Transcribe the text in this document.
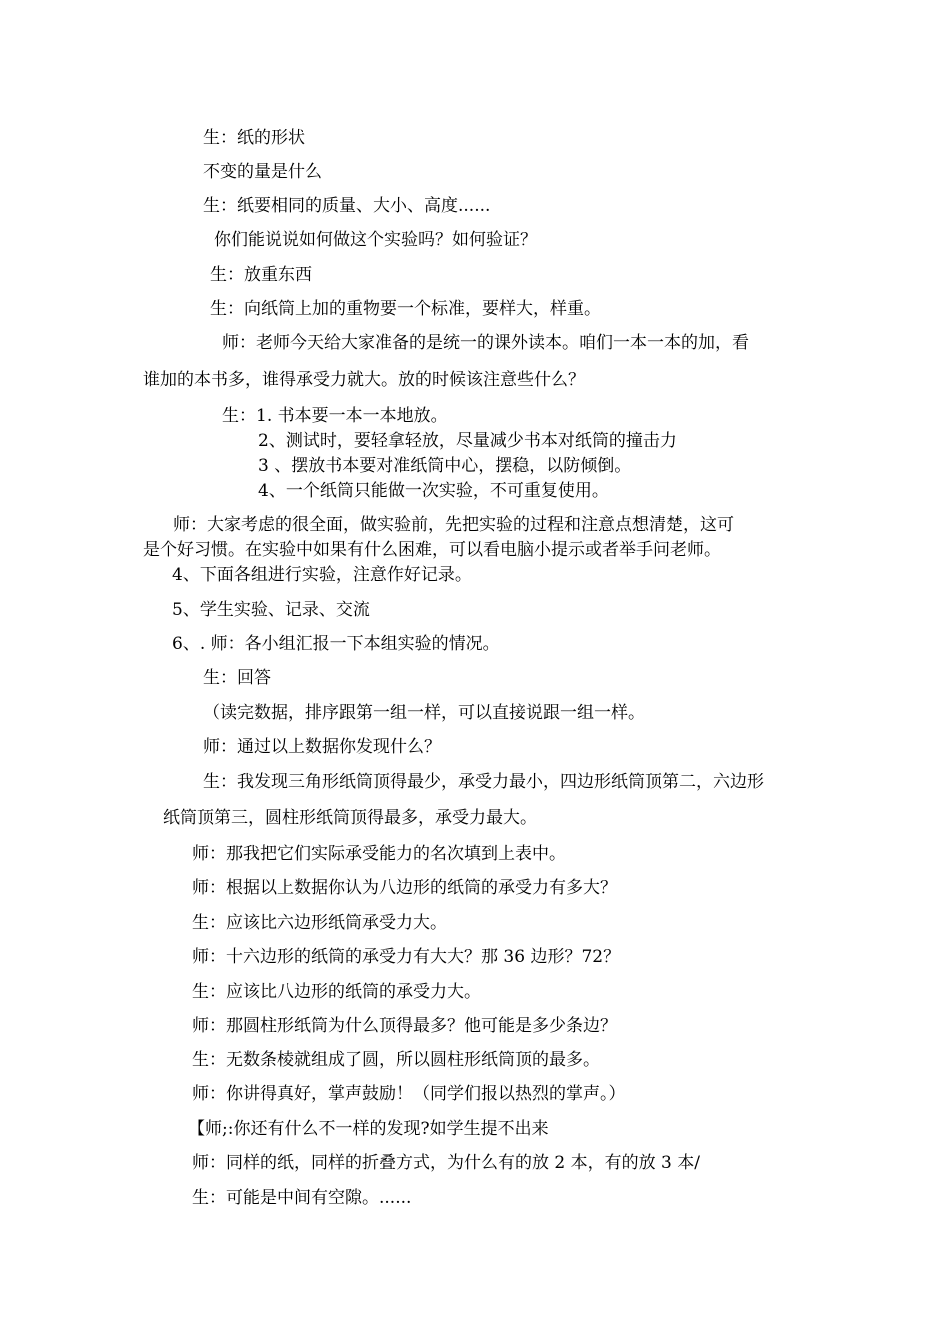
生：纸的形状
不变的量是什么
生：纸要相同的质量、大小、高度......
你们能说说如何做这个实验吗？如何验证？
生：放重东西
生：向纸筒上加的重物要一个标准，要样大，样重。
师：老师今天给大家准备的是统一的课外读本。咱们一本一本的加，看
谁加的本书多，谁得承受力就大。放的时候该注意些什么？
生：1. 书本要一本一本地放。
2、测试时，要轻拿轻放，尽量减少书本对纸筒的撞击力
3 、摆放书本要对准纸筒中心，摆稳，以防倾倒。
4、一个纸筒只能做一次实验，不可重复使用。
师：大家考虑的很全面，做实验前，先把实验的过程和注意点想清楚，这可
是个好习惯。在实验中如果有什么困难，可以看电脑小提示或者举手问老师。
4、下面各组进行实验，注意作好记录。
5、学生实验、记录、交流
6、. 师：各小组汇报一下本组实验的情况。
生：回答
（读完数据，排序跟第一组一样，可以直接说跟一组一样。
师：通过以上数据你发现什么？
生：我发现三角形纸筒顶得最少，承受力最小，四边形纸筒顶第二，六边形
纸筒顶第三，圆柱形纸筒顶得最多，承受力最大。
师：那我把它们实际承受能力的名次填到上表中。
师：根据以上数据你认为八边形的纸筒的承受力有多大？
生：应该比六边形纸筒承受力大。
师：十六边形的纸筒的承受力有大大？那 36 边形？72？
生：应该比八边形的纸筒的承受力大。
师：那圆柱形纸筒为什么顶得最多？他可能是多少条边？
生：无数条棱就组成了圆，所以圆柱形纸筒顶的最多。
师：你讲得真好，掌声鼓励！（同学们报以热烈的掌声。）
【师;:你还有什么不一样的发现?如学生提不出来
师：同样的纸，同样的折叠方式，为什么有的放 2 本，有的放 3 本/
生：可能是中间有空隙。......
